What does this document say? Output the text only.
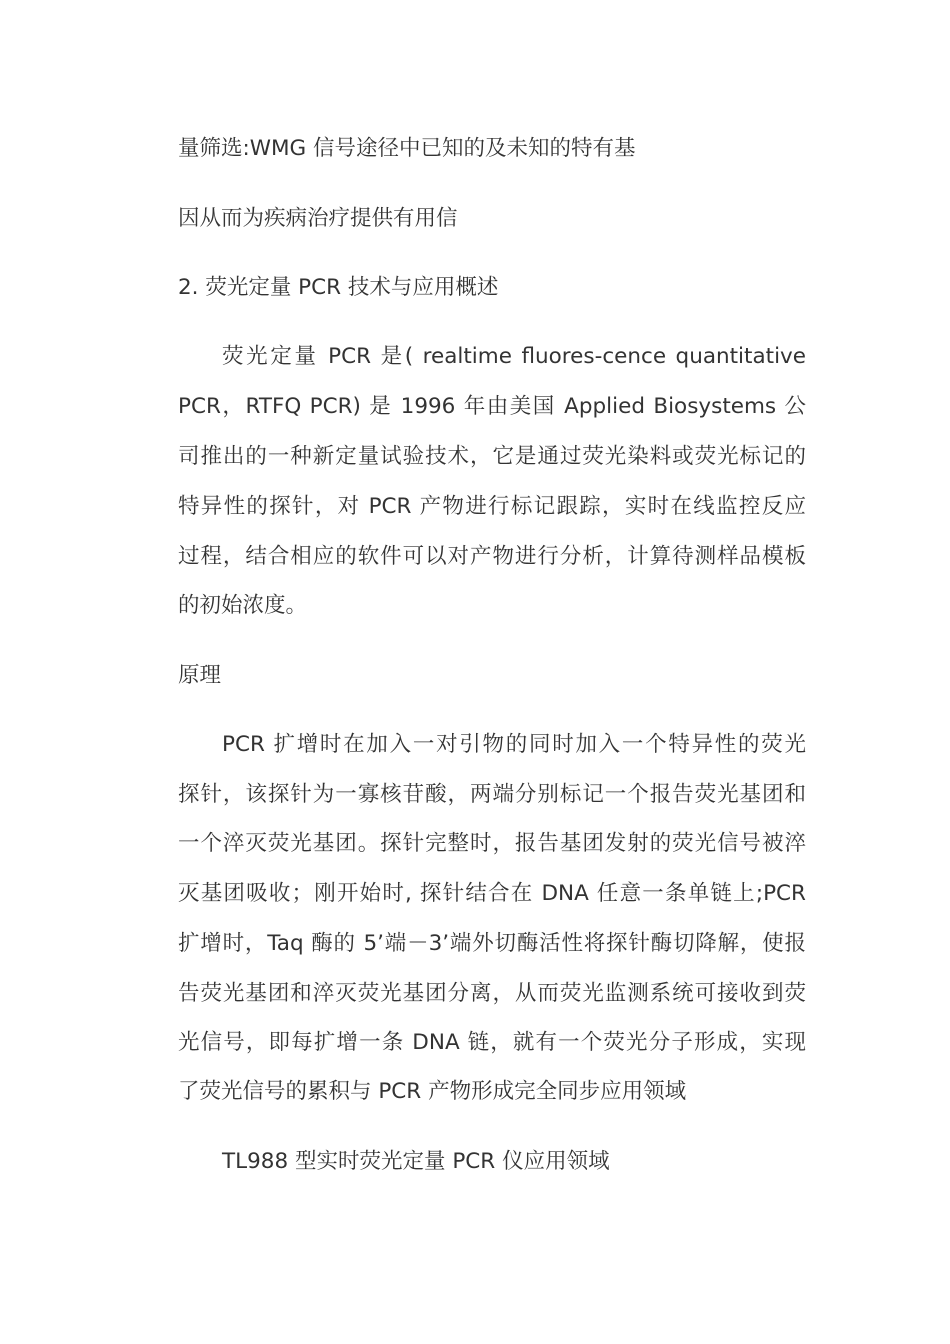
量筛选:WMG 信号途径中已知的及未知的特有基
因从而为疾病治疗提供有用信
2. 荧光定量 PCR 技术与应用概述
荧光定量 PCR 是( realtime fluores-cence quantitative
PCR，RTFQ PCR) 是 1996 年由美国 Applied Biosystems 公
司推出的一种新定量试验技术，它是通过荧光染料或荧光标记的
特异性的探针，对 PCR 产物进行标记跟踪，实时在线监控反应
过程，结合相应的软件可以对产物进行分析，计算待测样品模板
的初始浓度。
原理
PCR 扩增时在加入一对引物的同时加入一个特异性的荧光
探针，该探针为一寡核苷酸，两端分别标记一个报告荧光基团和
一个淬灭荧光基团。探针完整时，报告基团发射的荧光信号被淬
灭基团吸收；刚开始时, 探针结合在 DNA 任意一条单链上;PCR
扩增时，Taq 酶的 5’端－3’端外切酶活性将探针酶切降解，使报
告荧光基团和淬灭荧光基团分离，从而荧光监测系统可接收到荧
光信号，即每扩增一条 DNA 链，就有一个荧光分子形成，实现
了荧光信号的累积与 PCR 产物形成完全同步应用领域
TL988 型实时荧光定量 PCR 仪应用领域
